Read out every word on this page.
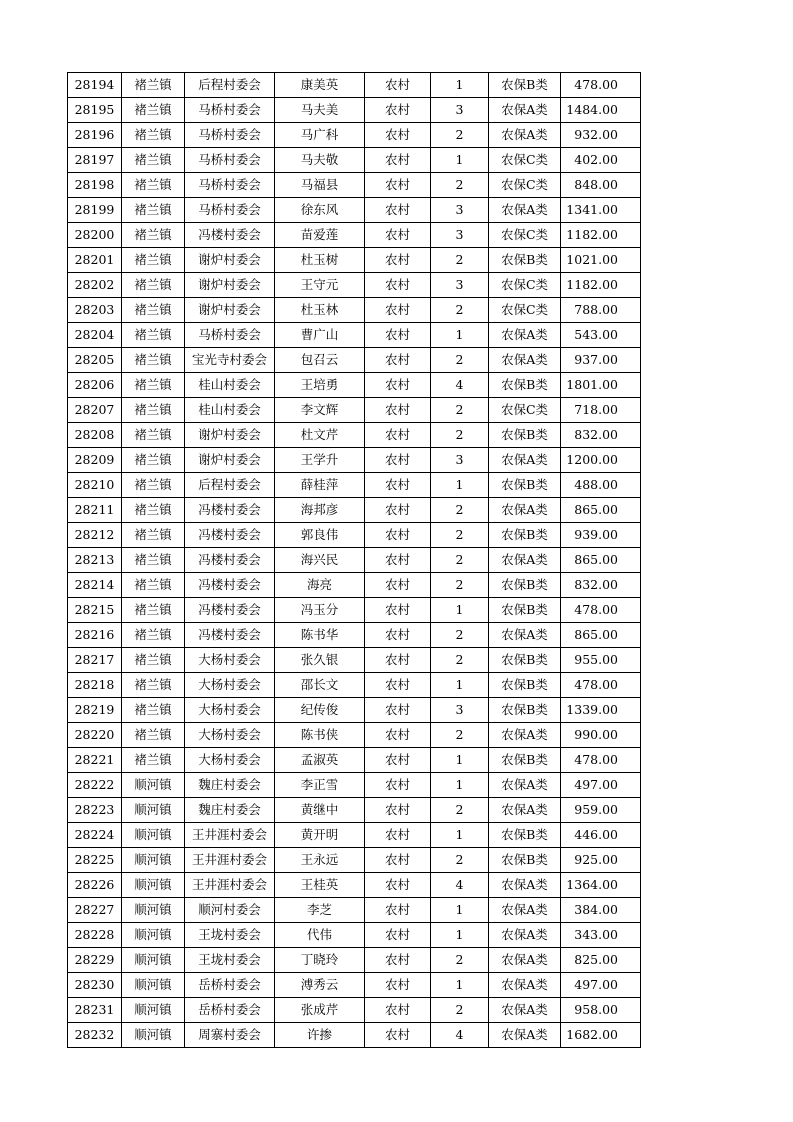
28194	褚兰镇	后程村委会	康美英	农村	1	农保B类	478.00
28195	褚兰镇	马桥村委会	马夫美	农村	3	农保A类	1484.00
28196	褚兰镇	马桥村委会	马广科	农村	2	农保A类	932.00
28197	褚兰镇	马桥村委会	马夫敬	农村	1	农保C类	402.00
28198	褚兰镇	马桥村委会	马福县	农村	2	农保C类	848.00
28199	褚兰镇	马桥村委会	徐东风	农村	3	农保A类	1341.00
28200	褚兰镇	冯楼村委会	苗爱莲	农村	3	农保C类	1182.00
28201	褚兰镇	谢炉村委会	杜玉树	农村	2	农保B类	1021.00
28202	褚兰镇	谢炉村委会	王守元	农村	3	农保C类	1182.00
28203	褚兰镇	谢炉村委会	杜玉林	农村	2	农保C类	788.00
28204	褚兰镇	马桥村委会	曹广山	农村	1	农保A类	543.00
28205	褚兰镇	宝光寺村委会	包召云	农村	2	农保A类	937.00
28206	褚兰镇	桂山村委会	王培勇	农村	4	农保B类	1801.00
28207	褚兰镇	桂山村委会	李文辉	农村	2	农保C类	718.00
28208	褚兰镇	谢炉村委会	杜文芹	农村	2	农保B类	832.00
28209	褚兰镇	谢炉村委会	王学升	农村	3	农保A类	1200.00
28210	褚兰镇	后程村委会	薛桂萍	农村	1	农保B类	488.00
28211	褚兰镇	冯楼村委会	海邦彦	农村	2	农保A类	865.00
28212	褚兰镇	冯楼村委会	郭良伟	农村	2	农保B类	939.00
28213	褚兰镇	冯楼村委会	海兴民	农村	2	农保A类	865.00
28214	褚兰镇	冯楼村委会	海亮	农村	2	农保B类	832.00
28215	褚兰镇	冯楼村委会	冯玉分	农村	1	农保B类	478.00
28216	褚兰镇	冯楼村委会	陈书华	农村	2	农保A类	865.00
28217	褚兰镇	大杨村委会	张久银	农村	2	农保B类	955.00
28218	褚兰镇	大杨村委会	邵长文	农村	1	农保B类	478.00
28219	褚兰镇	大杨村委会	纪传俊	农村	3	农保B类	1339.00
28220	褚兰镇	大杨村委会	陈书侠	农村	2	农保A类	990.00
28221	褚兰镇	大杨村委会	孟淑英	农村	1	农保B类	478.00
28222	顺河镇	魏庄村委会	李正雪	农村	1	农保A类	497.00
28223	顺河镇	魏庄村委会	黄继中	农村	2	农保A类	959.00
28224	顺河镇	王井涯村委会	黄开明	农村	1	农保B类	446.00
28225	顺河镇	王井涯村委会	王永远	农村	2	农保B类	925.00
28226	顺河镇	王井涯村委会	王桂英	农村	4	农保A类	1364.00
28227	顺河镇	顺河村委会	李芝	农村	1	农保A类	384.00
28228	顺河镇	王垅村委会	代伟	农村	1	农保A类	343.00
28229	顺河镇	王垅村委会	丁晓玲	农村	2	农保A类	825.00
28230	顺河镇	岳桥村委会	溥秀云	农村	1	农保A类	497.00
28231	顺河镇	岳桥村委会	张成芹	农村	2	农保A类	958.00
28232	顺河镇	周寨村委会	许掺	农村	4	农保A类	1682.00
